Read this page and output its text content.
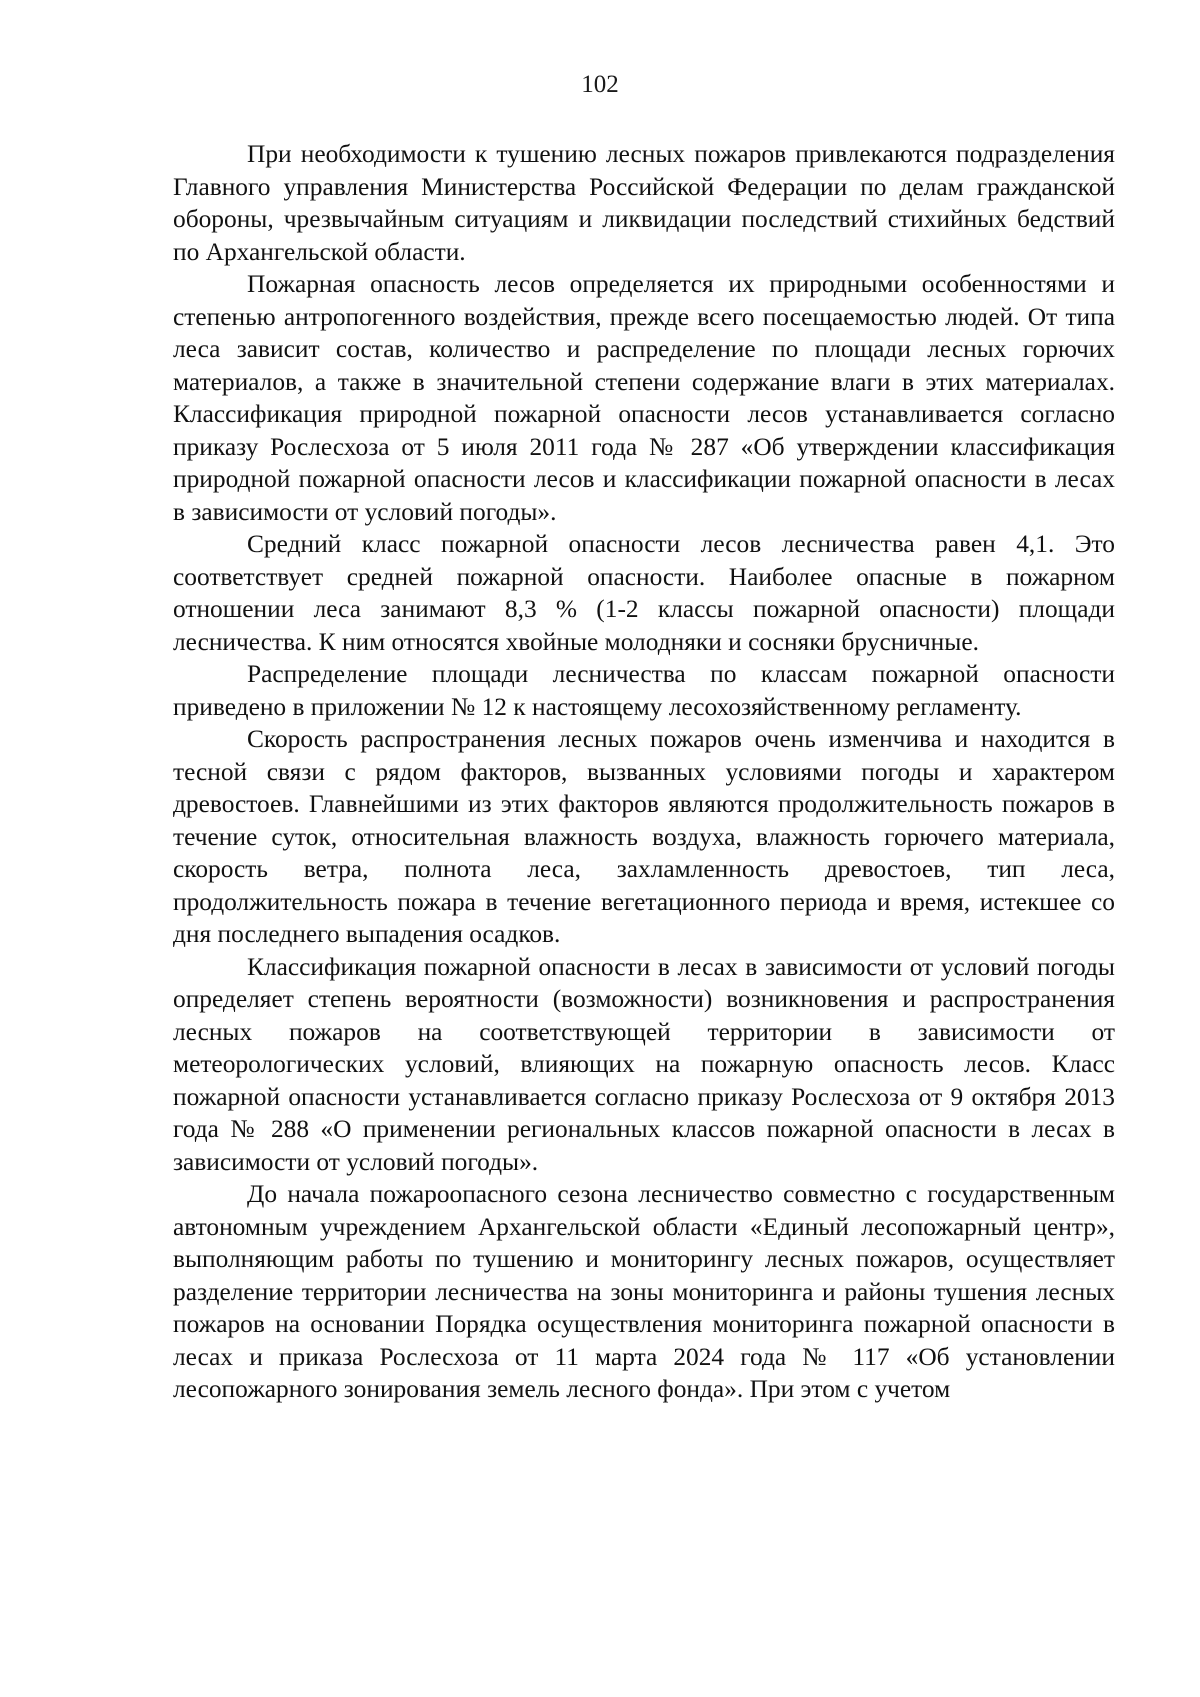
102

При необходимости к тушению лесных пожаров привлекаются подразделения Главного управления Министерства Российской Федерации по делам гражданской обороны, чрезвычайным ситуациям и ликвидации последствий стихийных бедствий по Архангельской области.

Пожарная опасность лесов определяется их природными особенностями и степенью антропогенного воздействия, прежде всего посещаемостью людей. От типа леса зависит состав, количество и распределение по площади лесных горючих материалов, а также в значительной степени содержание влаги в этих материалах. Классификация природной пожарной опасности лесов устанавливается согласно приказу Рослесхоза от 5 июля 2011 года № 287 «Об утверждении классификация природной пожарной опасности лесов и классификации пожарной опасности в лесах в зависимости от условий погоды».

Средний класс пожарной опасности лесов лесничества равен 4,1. Это соответствует средней пожарной опасности. Наиболее опасные в пожарном отношении леса занимают 8,3 % (1-2 классы пожарной опасности) площади лесничества. К ним относятся хвойные молодняки и сосняки брусничные.

Распределение площади лесничества по классам пожарной опасности приведено в приложении № 12 к настоящему лесохозяйственному регламенту.

Скорость распространения лесных пожаров очень изменчива и находится в тесной связи с рядом факторов, вызванных условиями погоды и характером древостоев. Главнейшими из этих факторов являются продолжительность пожаров в течение суток, относительная влажность воздуха, влажность горючего материала, скорость ветра, полнота леса, захламленность древостоев, тип леса, продолжительность пожара в течение вегетационного периода и время, истекшее со дня последнего выпадения осадков.

Классификация пожарной опасности в лесах в зависимости от условий погоды определяет степень вероятности (возможности) возникновения и распространения лесных пожаров на соответствующей территории в зависимости от метеорологических условий, влияющих на пожарную опасность лесов. Класс пожарной опасности устанавливается согласно приказу Рослесхоза от 9 октября 2013 года № 288 «О применении региональных классов пожарной опасности в лесах в зависимости от условий погоды».

До начала пожароопасного сезона лесничество совместно с государственным автономным учреждением Архангельской области «Единый лесопожарный центр», выполняющим работы по тушению и мониторингу лесных пожаров, осуществляет разделение территории лесничества на зоны мониторинга и районы тушения лесных пожаров на основании Порядка осуществления мониторинга пожарной опасности в лесах и приказа Рослесхоза от 11 марта 2024 года № 117 «Об установлении лесопожарного зонирования земель лесного фонда». При этом с учетом
